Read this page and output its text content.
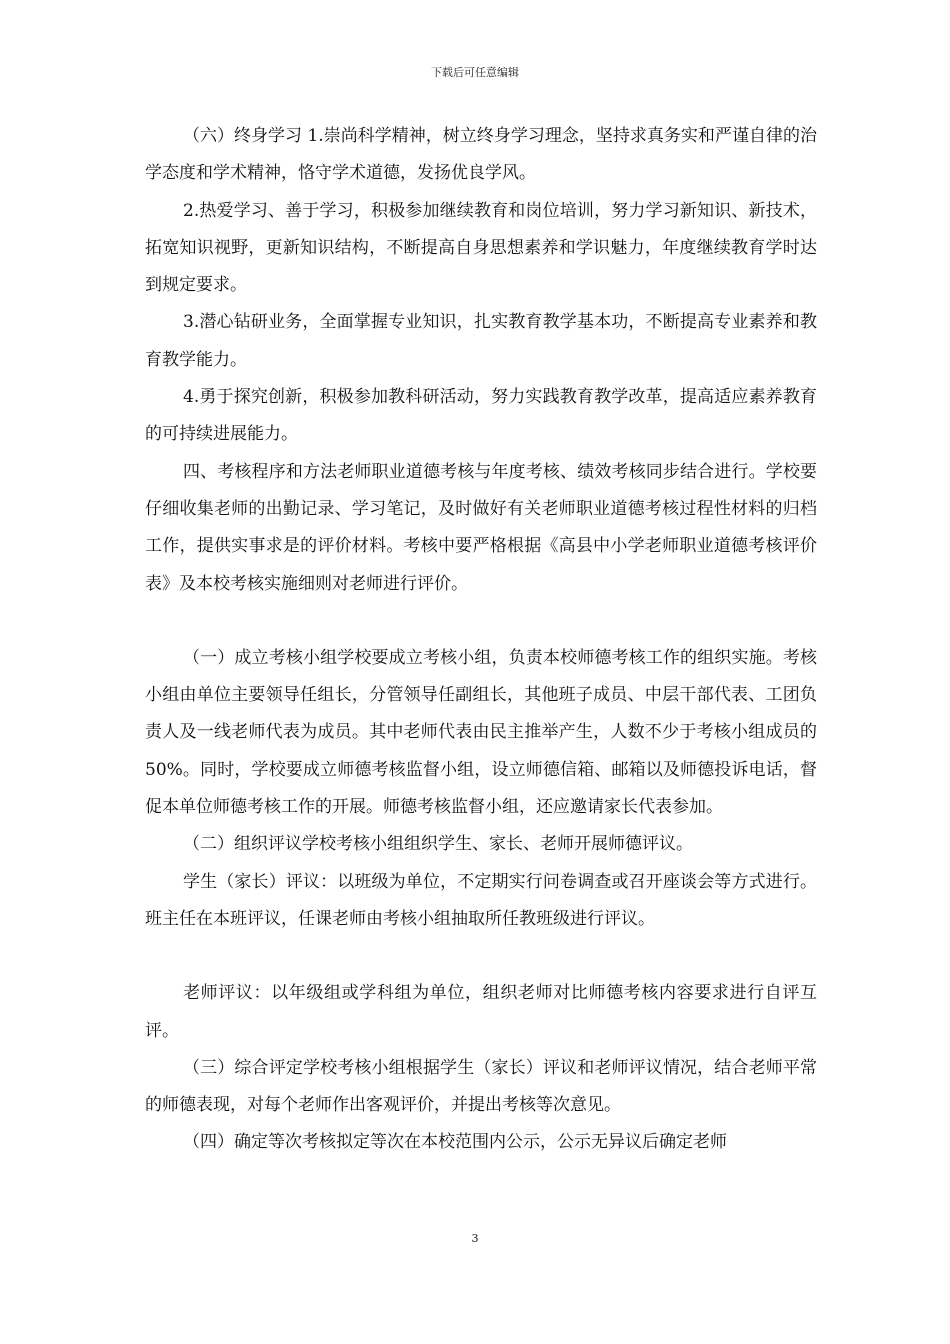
下载后可任意编辑

（六）终身学习 1.崇尚科学精神，树立终身学习理念，坚持求真务实和严谨自律的治学态度和学术精神，恪守学术道德，发扬优良学风。

2.热爱学习、善于学习，积极参加继续教育和岗位培训，努力学习新知识、新技术，拓宽知识视野，更新知识结构，不断提高自身思想素养和学识魅力，年度继续教育学时达到规定要求。

3.潜心钻研业务，全面掌握专业知识，扎实教育教学基本功，不断提高专业素养和教育教学能力。

4.勇于探究创新，积极参加教科研活动，努力实践教育教学改革，提高适应素养教育的可持续进展能力。

四、考核程序和方法老师职业道德考核与年度考核、绩效考核同步结合进行。学校要仔细收集老师的出勤记录、学习笔记，及时做好有关老师职业道德考核过程性材料的归档工作，提供实事求是的评价材料。考核中要严格根据《高县中小学老师职业道德考核评价表》及本校考核实施细则对老师进行评价。

（一）成立考核小组学校要成立考核小组，负责本校师德考核工作的组织实施。考核小组由单位主要领导任组长，分管领导任副组长，其他班子成员、中层干部代表、工团负责人及一线老师代表为成员。其中老师代表由民主推举产生，人数不少于考核小组成员的 50%。同时，学校要成立师德考核监督小组，设立师德信箱、邮箱以及师德投诉电话，督促本单位师德考核工作的开展。师德考核监督小组，还应邀请家长代表参加。

（二）组织评议学校考核小组组织学生、家长、老师开展师德评议。

学生（家长）评议：以班级为单位，不定期实行问卷调查或召开座谈会等方式进行。班主任在本班评议，任课老师由考核小组抽取所任教班级进行评议。

老师评议：以年级组或学科组为单位，组织老师对比师德考核内容要求进行自评互评。

（三）综合评定学校考核小组根据学生（家长）评议和老师评议情况，结合老师平常的师德表现，对每个老师作出客观评价，并提出考核等次意见。

（四）确定等次考核拟定等次在本校范围内公示，公示无异议后确定老师

3
